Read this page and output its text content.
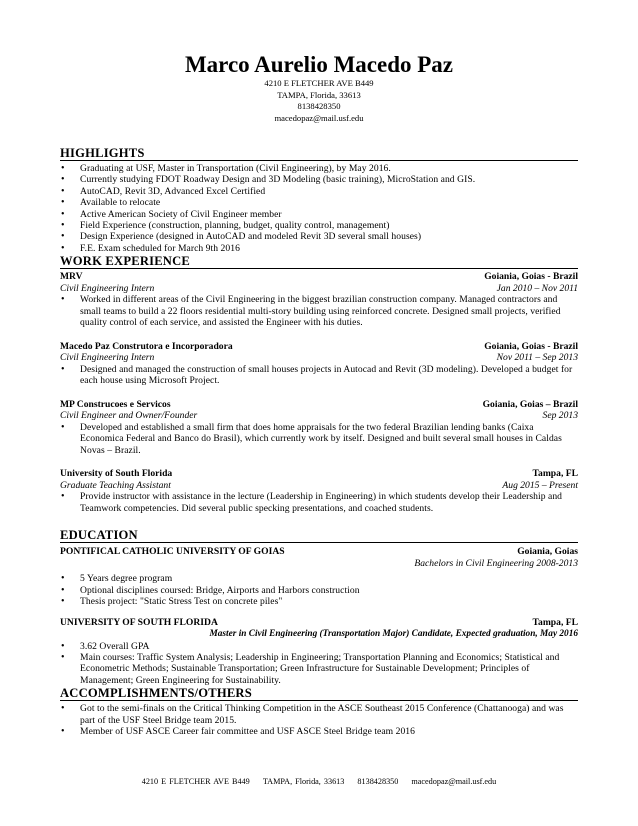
Marco Aurelio Macedo Paz
4210 E FLETCHER AVE B449
TAMPA, Florida, 33613
8138428350
macedopaz@mail.usf.edu
HIGHLIGHTS
• Graduating at USF, Master in Transportation (Civil Engineering), by May 2016.
• Currently studying FDOT Roadway Design and 3D Modeling (basic training), MicroStation and GIS.
• AutoCAD, Revit 3D, Advanced Excel Certified
• Available to relocate
• Active American Society of Civil Engineer member
• Field Experience (construction, planning, budget, quality control, management)
• Design Experience (designed in AutoCAD and modeled Revit 3D several small houses)
• F.E. Exam scheduled for March 9th 2016
WORK EXPERIENCE
MRV	Goiania, Goias - Brazil
Civil Engineering Intern	Jan 2010 – Nov 2011
• Worked in different areas of the Civil Engineering in the biggest brazilian construction company. Managed contractors and small teams to build a 22 floors residential multi-story building using reinforced concrete. Designed small projects, verified quality control of each service, and assisted the Engineer with his duties.
Macedo Paz Construtora e Incorporadora	Goiania, Goias - Brazil
Civil Engineering Intern	Nov 2011 – Sep 2013
• Designed and managed the construction of small houses projects in Autocad and Revit (3D modeling). Developed a budget for each house using Microsoft Project.
MP Construcoes e Servicos	Goiania, Goias – Brazil
Civil Engineer and Owner/Founder	Sep 2013
• Developed and established a small firm that does home appraisals for the two federal Brazilian lending banks (Caixa Economica Federal and Banco do Brasil), which currently work by itself. Designed and built several small houses in Caldas Novas – Brazil.
University of South Florida	Tampa, FL
Graduate Teaching Assistant	Aug 2015 – Present
• Provide instructor with assistance in the lecture (Leadership in Engineering) in which students develop their Leadership and Teamwork competencies. Did several public specking presentations, and coached students.
EDUCATION
PONTIFICAL CATHOLIC UNIVERSITY OF GOIAS	Goiania, Goias
Bachelors in Civil Engineering 2008-2013
• 5 Years degree program
• Optional disciplines coursed: Bridge, Airports and Harbors construction
• Thesis project: "Static Stress Test on concrete piles"
UNIVERSITY OF SOUTH FLORIDA	Tampa, FL
Master in Civil Engineering (Transportation Major) Candidate, Expected graduation, May 2016
• 3.62 Overall GPA
• Main courses: Traffic System Analysis; Leadership in Engineering; Transportation Planning and Economics; Statistical and Econometric Methods; Sustainable Transportation; Green Infrastructure for Sustainable Development; Principles of Management; Green Engineering for Sustainability.
ACCOMPLISHMENTS/OTHERS
• Got to the semi-finals on the Critical Thinking Competition in the ASCE Southeast 2015 Conference (Chattanooga) and was part of the USF Steel Bridge team 2015.
• Member of USF ASCE Career fair committee and USF ASCE Steel Bridge team 2016
4210 E FLETCHER AVE B449 TAMPA, Florida, 33613 8138428350 macedopaz@mail.usf.edu
